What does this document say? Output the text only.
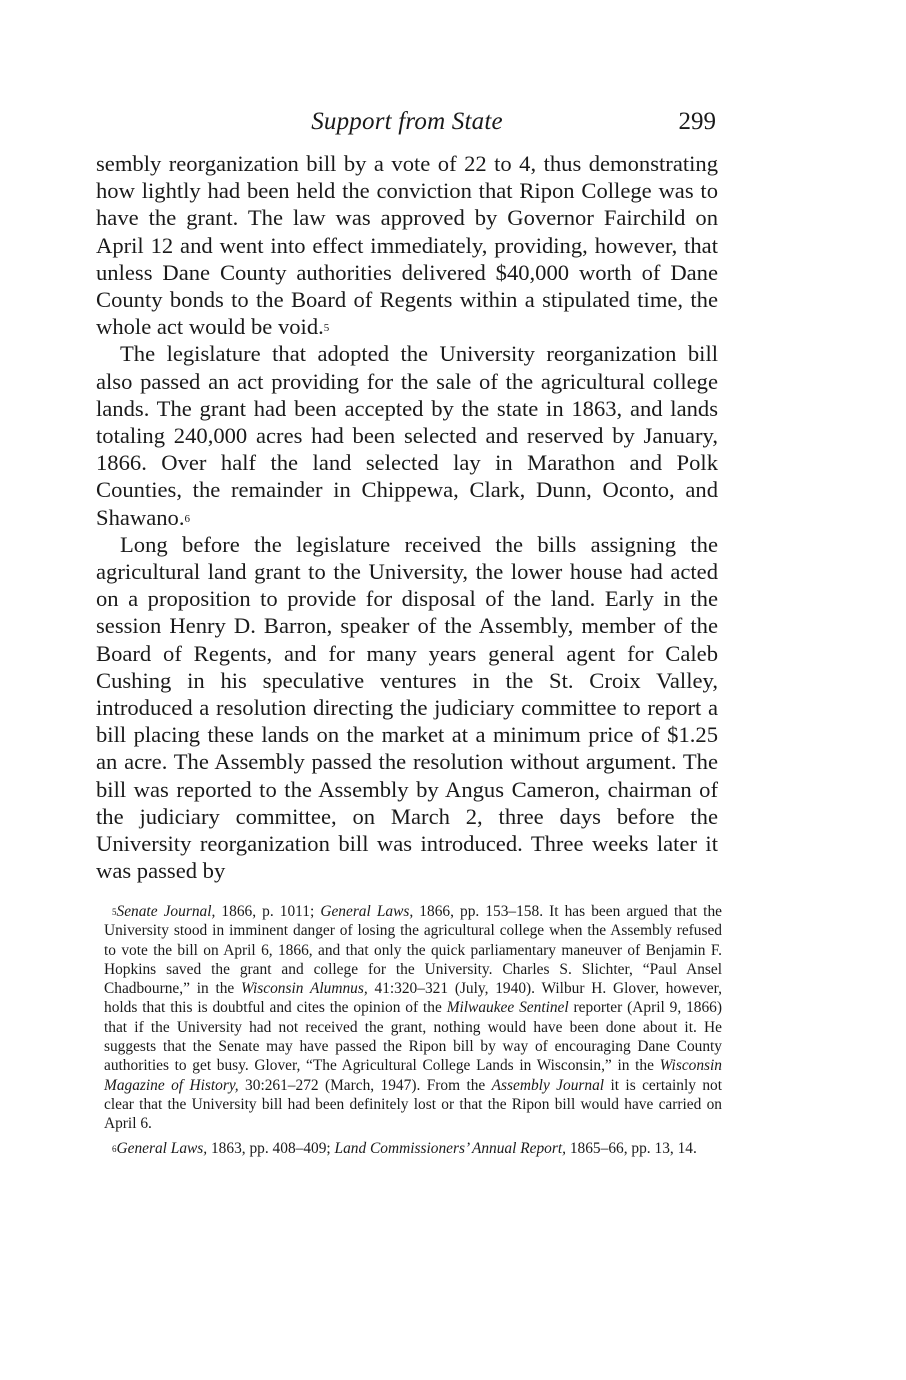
Support from State	299

sembly reorganization bill by a vote of 22 to 4, thus demonstrating how lightly had been held the conviction that Ripon College was to have the grant. The law was approved by Governor Fairchild on April 12 and went into effect immediately, providing, however, that unless Dane County authorities delivered $40,000 worth of Dane County bonds to the Board of Regents within a stipulated time, the whole act would be void.$^5$

The legislature that adopted the University reorganization bill also passed an act providing for the sale of the agricultural college lands. The grant had been accepted by the state in 1863, and lands totaling 240,000 acres had been selected and reserved by January, 1866. Over half the land selected lay in Marathon and Polk Counties, the remainder in Chippewa, Clark, Dunn, Oconto, and Shawano.$^6$

Long before the legislature received the bills assigning the agricultural land grant to the University, the lower house had acted on a proposition to provide for disposal of the land. Early in the session Henry D. Barron, speaker of the Assembly, member of the Board of Regents, and for many years general agent for Caleb Cushing in his speculative ventures in the St. Croix Valley, introduced a resolution directing the judiciary committee to report a bill placing these lands on the market at a minimum price of $1.25 an acre. The Assembly passed the resolution without argument. The bill was reported to the Assembly by Angus Cameron, chairman of the judiciary committee, on March 2, three days before the University reorganization bill was introduced. Three weeks later it was passed by

$^5$Senate Journal, 1866, p. 1011; General Laws, 1866, pp. 153–158. It has been argued that the University stood in imminent danger of losing the agricultural college when the Assembly refused to vote the bill on April 6, 1866, and that only the quick parliamentary maneuver of Benjamin F. Hopkins saved the grant and college for the University. Charles S. Slichter, “Paul Ansel Chadbourne,” in the Wisconsin Alumnus, 41:320–321 (July, 1940). Wilbur H. Glover, however, holds that this is doubtful and cites the opinion of the Milwaukee Sentinel reporter (April 9, 1866) that if the University had not received the grant, nothing would have been done about it. He suggests that the Senate may have passed the Ripon bill by way of encouraging Dane County authorities to get busy. Glover, “The Agricultural College Lands in Wisconsin,” in the Wisconsin Magazine of History, 30:261–272 (March, 1947). From the Assembly Journal it is certainly not clear that the University bill had been definitely lost or that the Ripon bill would have carried on April 6.

$^6$General Laws, 1863, pp. 408–409; Land Commissioners’ Annual Report, 1865–66, pp. 13, 14.
